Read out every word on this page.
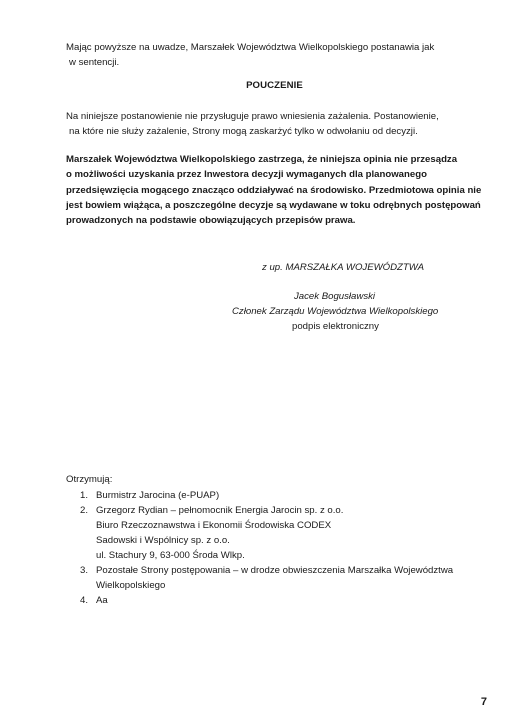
Mając powyższe na uwadze, Marszałek Województwa Wielkopolskiego postanawia jak
w sentencji.

POUCZENIE

Na niniejsze postanowienie nie przysługuje prawo wniesienia zażalenia. Postanowienie,
na które nie służy zażalenie, Strony mogą zaskarżyć tylko w odwołaniu od decyzji.

Marszałek Województwa Wielkopolskiego zastrzega, że niniejsza opinia nie przesądza
o możliwości uzyskania przez Inwestora decyzji wymaganych dla planowanego
przedsięwzięcia mogącego znacząco oddziaływać na środowisko. Przedmiotowa opinia nie
jest bowiem wiążąca, a poszczególne decyzje są wydawane w toku odrębnych postępowań
prowadzonych na podstawie obowiązujących przepisów prawa.

z up. MARSZAŁKA WOJEWÓDZTWA
Jacek Bogusławski
Członek Zarządu Województwa Wielkopolskiego
podpis elektroniczny
Otrzymują:
1. Burmistrz Jarocina (e-PUAP)
2. Grzegorz Rydian – pełnomocnik Energia Jarocin sp. z o.o.
Biuro Rzeczoznawstwa i Ekonomii Środowiska CODEX
Sadowski i Wspólnicy sp. z o.o.
ul. Stachury 9, 63-000 Środa Wlkp.
3. Pozostałe Strony postępowania – w drodze obwieszczenia Marszałka Województwa
Wielkopolskiego
4. Aa
7
